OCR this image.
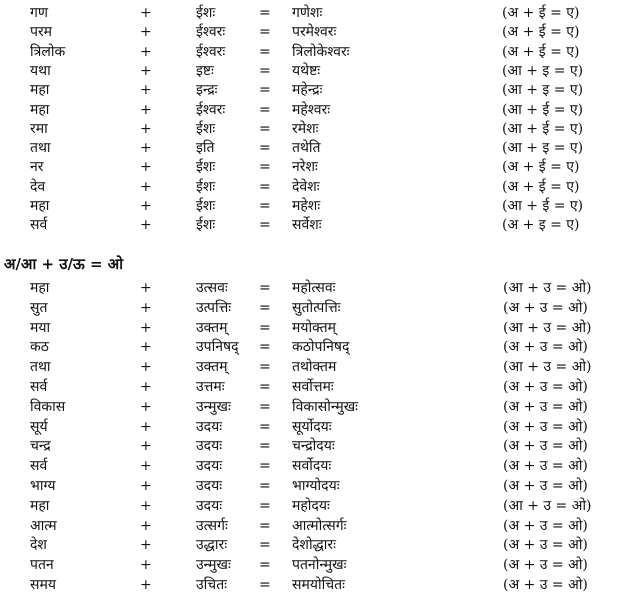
गण	+	ईशः	= गणेशः	(अ + ई = ए)
परम	+	ईश्वरः = परमेश्वरः	(अ + ई = ए)
त्रिलोक	+	ईश्वरः = त्रिलोकेश्वरः	(अ + ई = ए)
यथा	+	इष्टः	= यथेष्टः	(आ + इ = ए)
महा	+	इन्द्रः	= महेन्द्रः	(आ + इ = ए)
महा	+	ईश्वरः = महेश्वरः	(आ + ई = ए)
रमा	+	ईशः	= रमेशः	(आ + ई = ए)
तथा	+	इति	= तथेति	(आ + इ = ए)
नर	+	ईशः	= नरेशः	(अ + ई = ए)
देव	+	ईशः	= देवेशः	(अ + ई = ए)
महा	+	ईशः	= महेशः	(आ + ई = ए)
सर्व	+	ईशः	= सर्वेशः	(अ + इ = ए)
अ/आ + उ/ऊ = ओ
महा	+	उत्सवः = महोत्सवः	(आ + उ = ओ)
सुत	+	उत्पत्तिः = सुतोत्पत्तिः	(अ + उ = ओ)
मया	+	उक्तम् = मयोक्तम्	(आ + उ = ओ)
कठ	+	उपनिषद् = कठोपनिषद्	(अ + उ = ओ)
तथा	+	उक्तम् = तथोक्तम	(आ + उ = ओ)
सर्व	+	उत्तमः = सर्वोत्तमः	(अ + उ = ओ)
विकास	+	उन्मुखः = विकासोन्मुखः	(अ + उ = ओ)
सूर्य	+	उदयः	= सूर्योदयः	(अ + उ = ओ)
चन्द्र	+	उदयः	= चन्द्रोदयः	(अ + उ = ओ)
सर्व	+	उदयः	= सर्वोदयः	(अ + उ = ओ)
भाग्य	+	उदयः	= भाग्योदयः	(अ + उ = ओ)
महा	+	उदयः	= महोदयः	(आ + उ = ओ)
आत्म	+	उत्सर्गः = आत्मोत्सर्गः	(अ + उ = ओ)
देश	+	उद्धारः = देशोद्धारः	(अ + उ = ओ)
पतन	+	उन्मुखः = पतनोन्मुखः	(अ + उ = ओ)
समय	+	उचितः = समयोचितः	(अ + उ = ओ)
